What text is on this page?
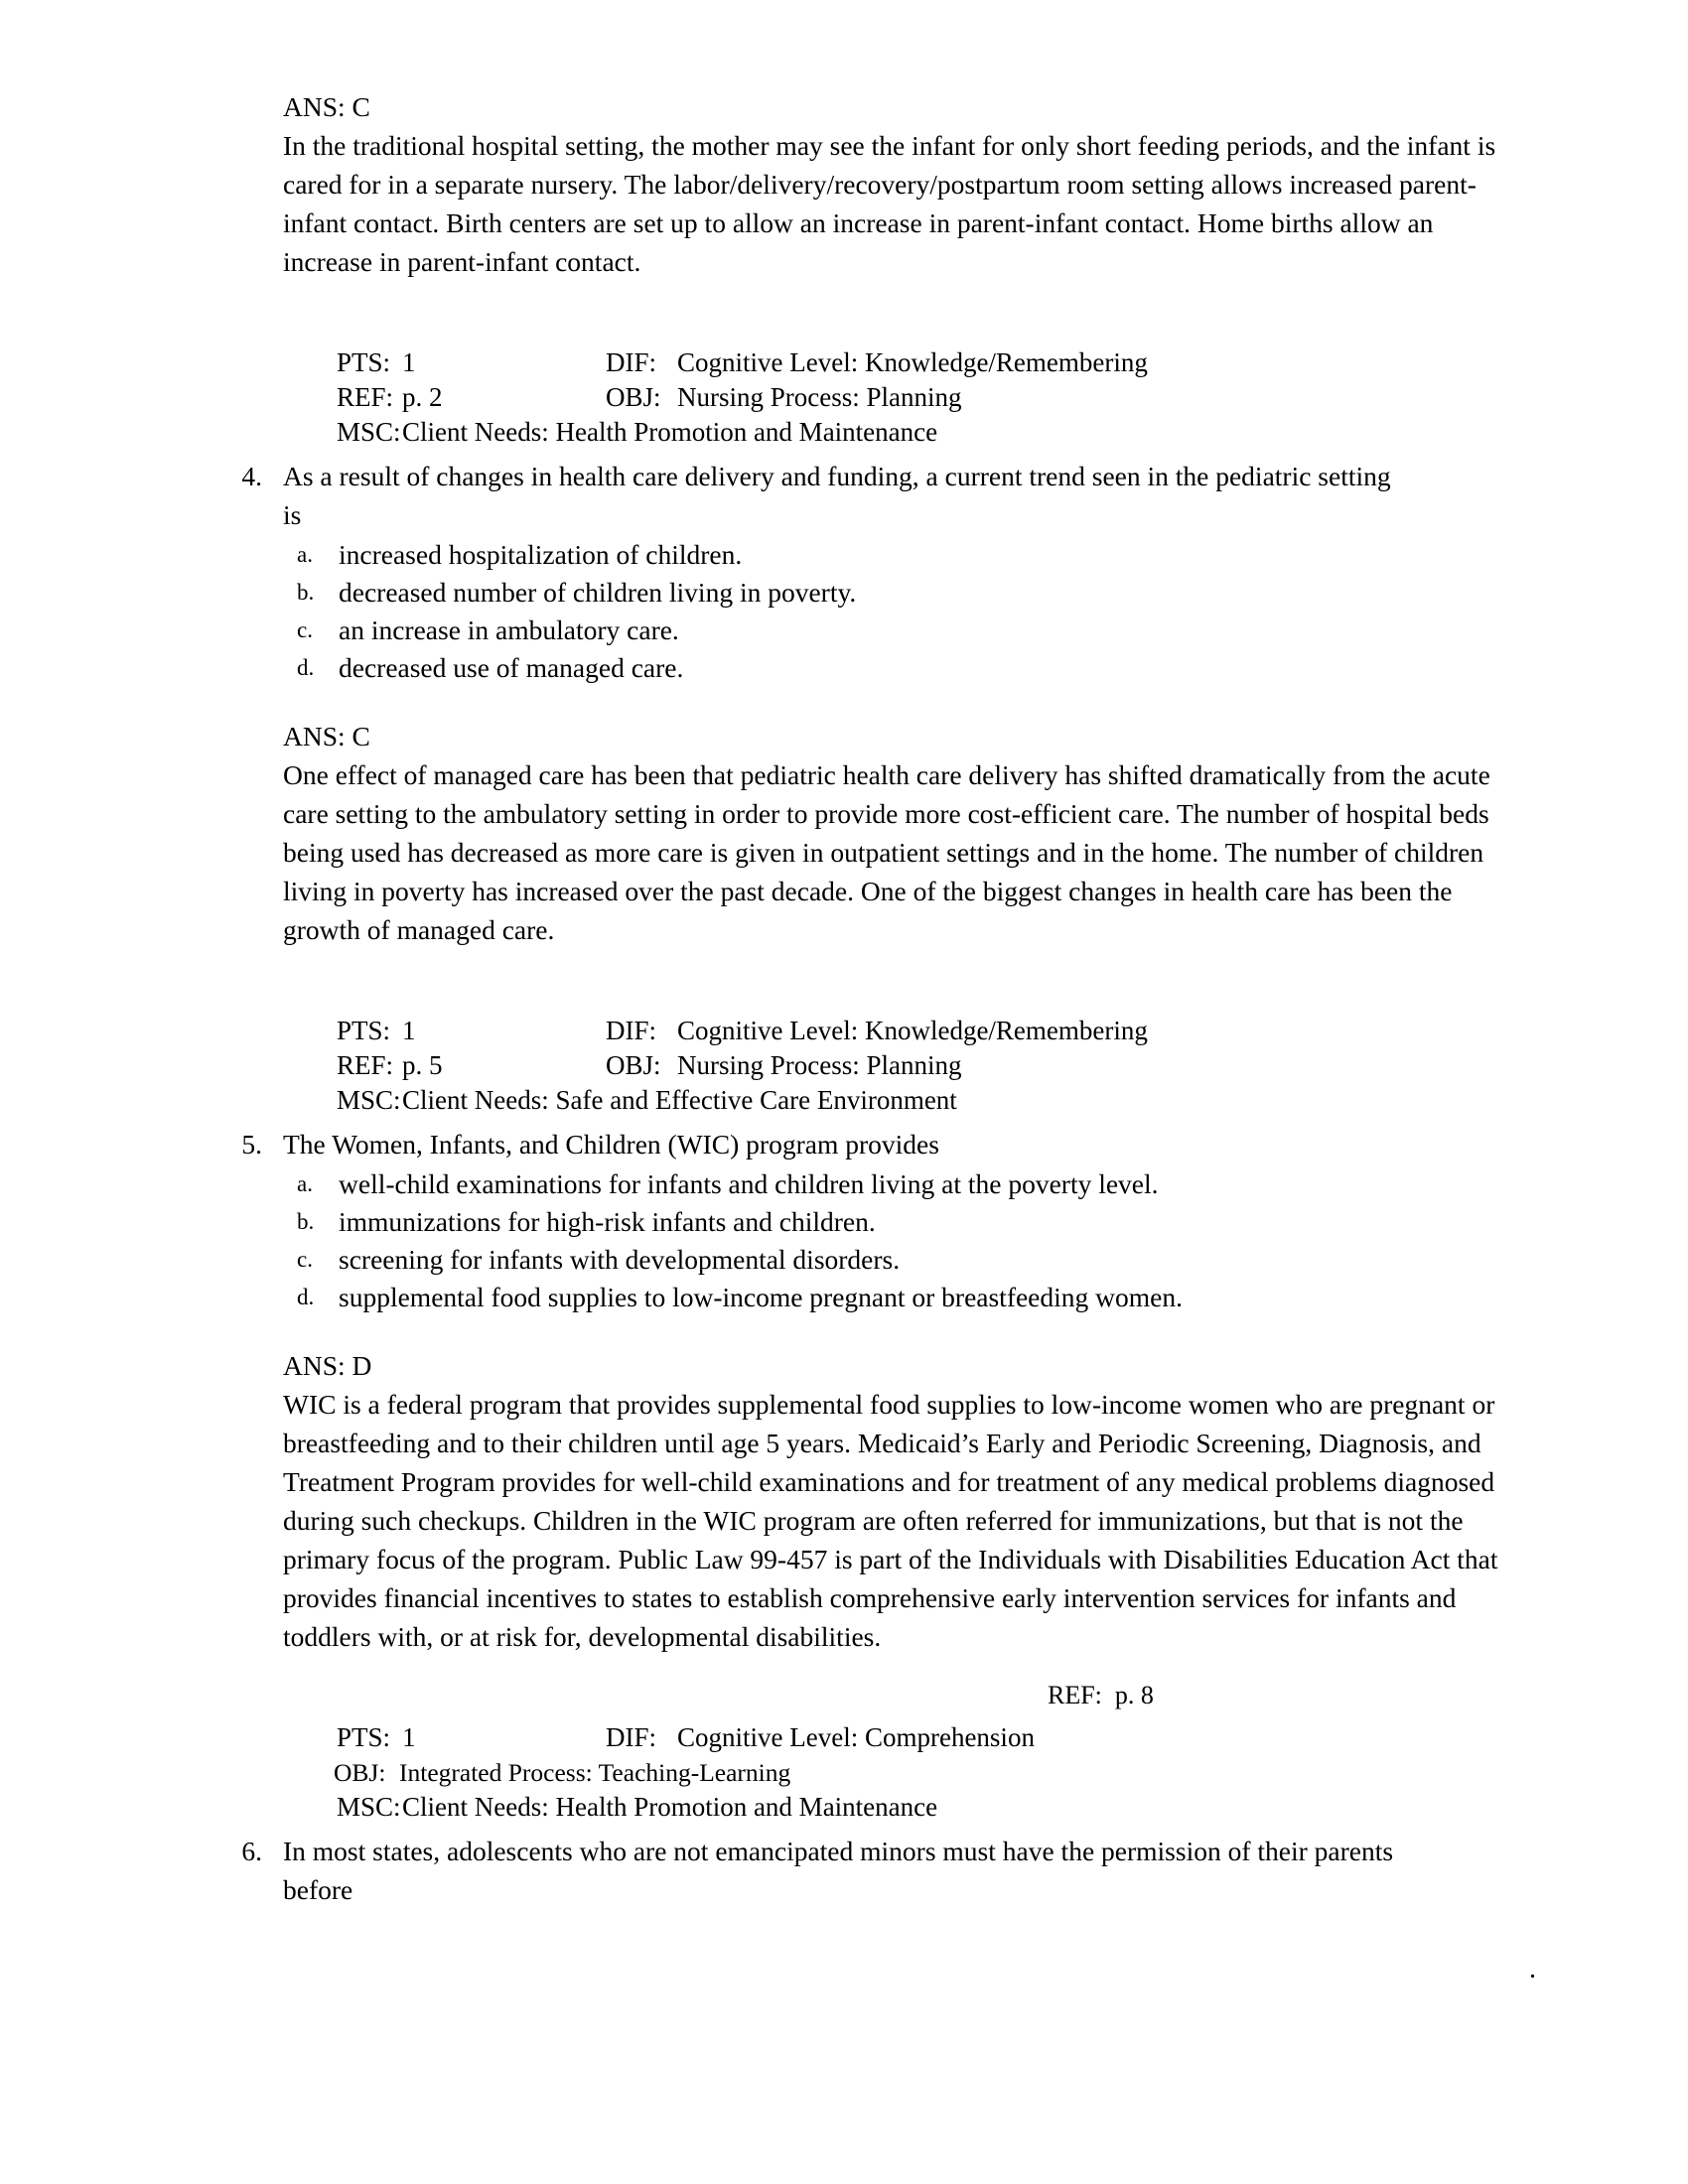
ANS: C
In the traditional hospital setting, the mother may see the infant for only short feeding periods, and the infant is cared for in a separate nursery. The labor/delivery/recovery/postpartum room setting allows increased parent-infant contact. Birth centers are set up to allow an increase in parent-infant contact. Home births allow an increase in parent-infant contact.

PTS: 1	DIF: Cognitive Level: Knowledge/Remembering

REF: p. 2	OBJ: Nursing Process: Planning

MSC:Client Needs: Health Promotion and Maintenance

4. As a result of changes in health care delivery and funding, a current trend seen in the pediatric setting is
a. increased hospitalization of children.
b. decreased number of children living in poverty.
c. an increase in ambulatory care.
d. decreased use of managed care.
ANS: C
One effect of managed care has been that pediatric health care delivery has shifted dramatically from the acute care setting to the ambulatory setting in order to provide more cost-efficient care. The number of hospital beds being used has decreased as more care is given in outpatient settings and in the home. The number of children living in poverty has increased over the past decade. One of the biggest changes in health care has been the growth of managed care.

PTS: 1	DIF: Cognitive Level: Knowledge/Remembering

REF: p. 5	OBJ: Nursing Process: Planning

MSC:Client Needs: Safe and Effective Care Environment

5. The Women, Infants, and Children (WIC) program provides
a. well-child examinations for infants and children living at the poverty level.
b. immunizations for high-risk infants and children.
c. screening for infants with developmental disorders.
d. supplemental food supplies to low-income pregnant or breastfeeding women.
ANS: D
WIC is a federal program that provides supplemental food supplies to low-income women who are pregnant or breastfeeding and to their children until age 5 years. Medicaid’s Early and Periodic Screening, Diagnosis, and Treatment Program provides for well-child examinations and for treatment of any medical problems diagnosed during such checkups. Children in the WIC program are often referred for immunizations, but that is not the primary focus of the program. Public Law 99-457 is part of the Individuals with Disabilities Education Act that provides financial incentives to states to establish comprehensive early intervention services for infants and toddlers with, or at risk for, developmental disabilities.

PTS: 1	DIF: Cognitive Level: Comprehension

REF: p. 8

OBJ: Integrated Process: Teaching-Learning

MSC:Client Needs: Health Promotion and Maintenance

6. In most states, adolescents who are not emancipated minors must have the permission of their parents before
.
